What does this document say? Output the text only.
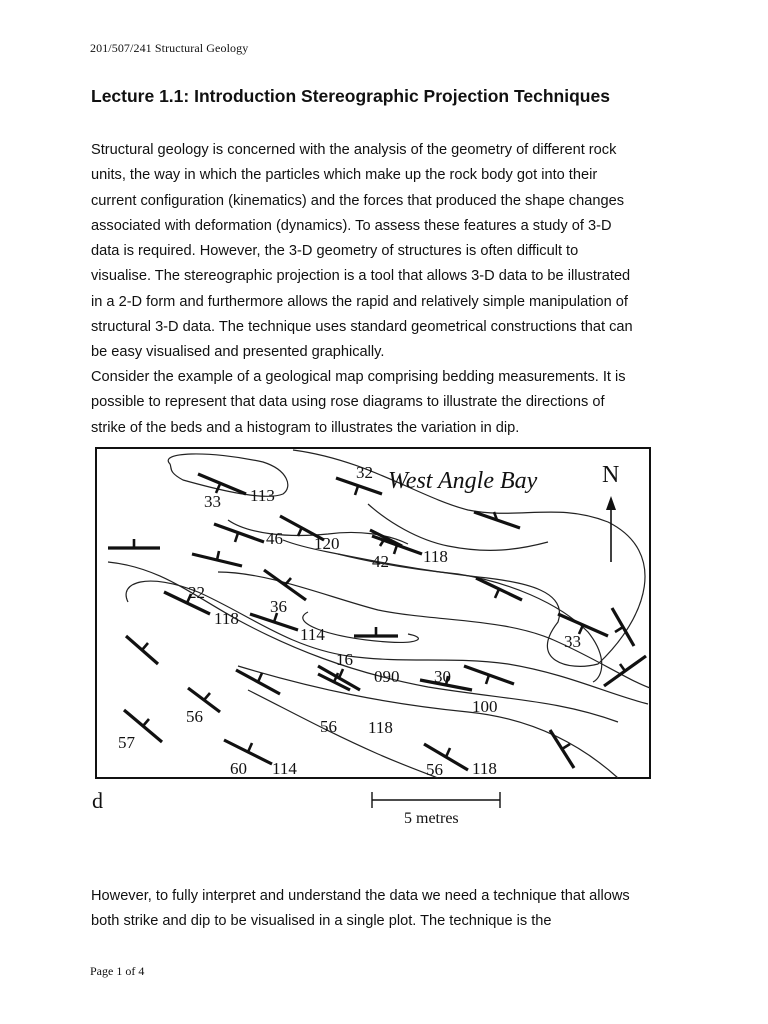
201/507/241 Structural Geology
Lecture 1.1: Introduction Stereographic Projection Techniques

Structural geology is concerned with the analysis of the geometry of different rock
units, the way in which the particles which make up the rock body got into their
current configuration (kinematics) and the forces that produced the shape changes
associated with deformation (dynamics). To assess these features a study of 3-D
data is required. However, the 3-D geometry of structures is often difficult to
visualise. The stereographic projection is a tool that allows 3-D data to be illustrated
in a 2-D form and furthermore allows the rapid and relatively simple manipulation of
structural 3-D data. The technique uses standard geometrical constructions that can
be easy visualised and presented graphically.

Consider the example of a geological map comprising bedding measurements. It is
possible to represent that data using rose diagrams to illustrate the directions of
strike of the beds and a histogram to illustrates the variation in dip.

32
33 113
46 120
42 118
22
36
118
114
16
090 30
33
100
56
56 118
57
60 114	56 118
West Angle Bay	N
d
5 metres

However, to fully interpret and understand the data we need a technique that allows
both strike and dip to be visualised in a single plot. The technique is the

Page 1 of 4
